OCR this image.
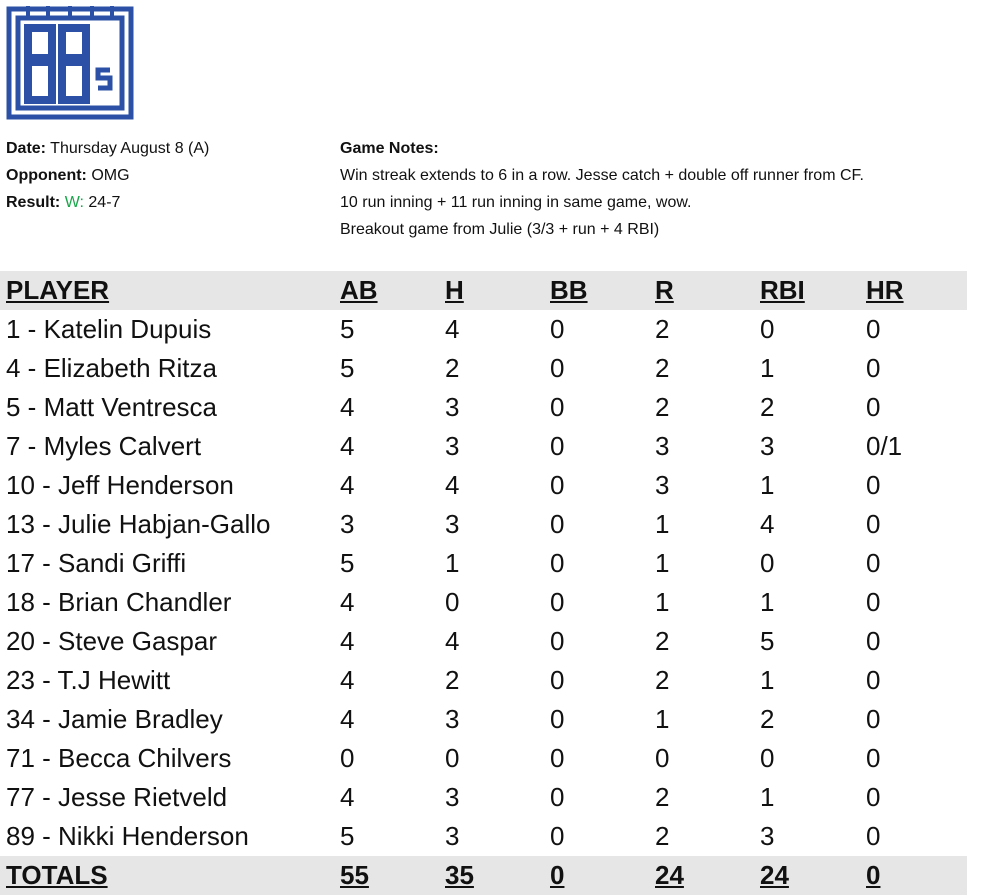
Date: Thursday August 8 (A)
Opponent: OMG
Result: W: 24-7
Game Notes:
Win streak extends to 6 in a row. Jesse catch + double off runner from CF.
10 run inning + 11 run inning in same game, wow.
Breakout game from Julie (3/3 + run + 4 RBI)
PLAYER	AB	H	BB	R	RBI	HR
1 - Katelin Dupuis	5	4	0	2	0	0
4 - Elizabeth Ritza	5	2	0	2	1	0
5 - Matt Ventresca	4	3	0	2	2	0
7 - Myles Calvert	4	3	0	3	3	0/1
10 - Jeff Henderson	4	4	0	3	1	0
13 - Julie Habjan-Gallo	3	3	0	1	4	0
17 - Sandi Griffi	5	1	0	1	0	0
18 - Brian Chandler	4	0	0	1	1	0
20 - Steve Gaspar	4	4	0	2	5	0
23 - T.J Hewitt	4	2	0	2	1	0
34 - Jamie Bradley	4	3	0	1	2	0
71 - Becca Chilvers	0	0	0	0	0	0
77 - Jesse Rietveld	4	3	0	2	1	0
89 - Nikki Henderson	5	3	0	2	3	0
TOTALS	55	35	0	24	24	0
